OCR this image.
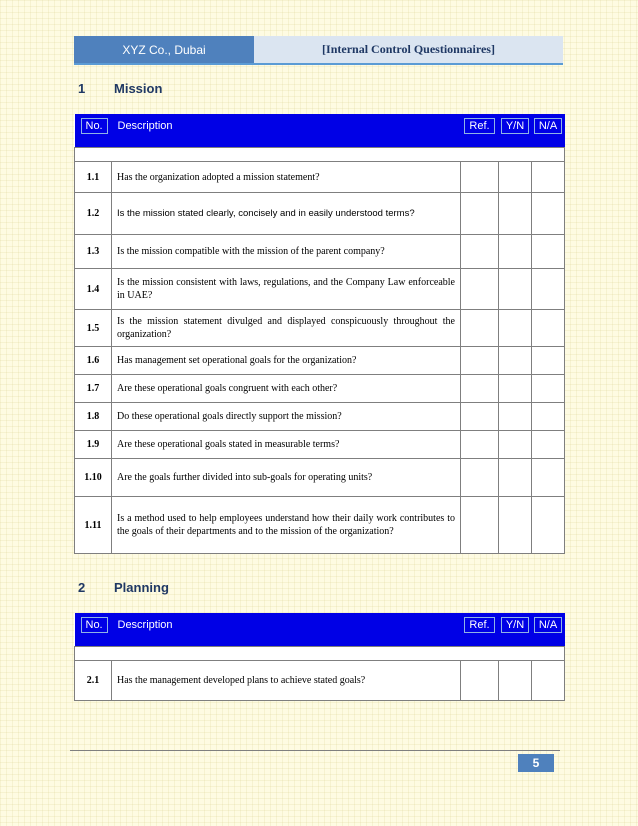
XYZ Co., Dubai	[Internal Control Questionnaires]
1	Mission
No.	Description	Ref.	Y/N	N/A

1.1	Has the organization adopted a mission statement?			
1.2	Is the mission stated clearly, concisely and in easily understood terms?			
1.3	Is the mission compatible with the mission of the parent company?			
1.4	Is the mission consistent with laws, regulations, and the Company Law enforceable in UAE?			
1.5	Is the mission statement divulged and displayed conspicuously throughout the organization?			
1.6	Has management set operational goals for the organization?			
1.7	Are these operational goals congruent with each other?			
1.8	Do these operational goals directly support the mission?			
1.9	Are these operational goals stated in measurable terms?			
1.10	Are the goals further divided into sub-goals for operating units?			
1.11	Is a method used to help employees understand how their daily work contributes to the goals of their departments and to the mission of the organization?			
2	Planning
No.	Description	Ref.	Y/N	N/A

2.1	Has the management developed plans to achieve stated goals?			
5
